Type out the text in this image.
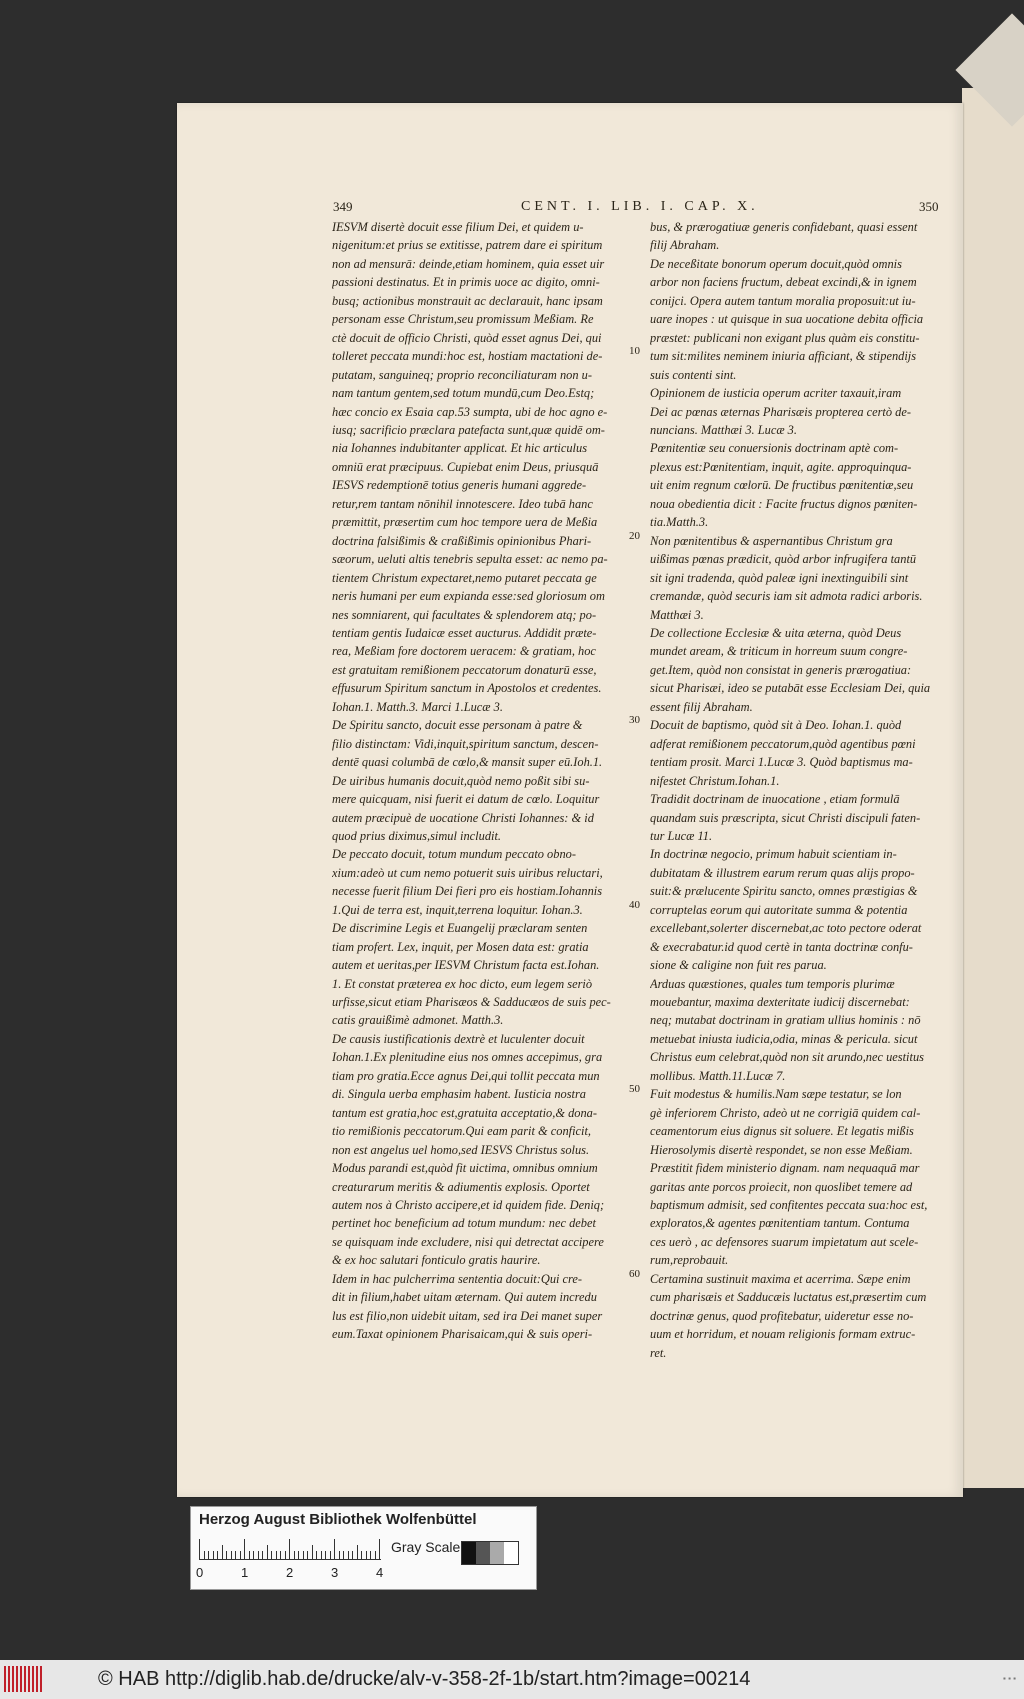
349	CENT. I. LIB. I. CAP. X.	350
IESVM disertè docuit esse filium Dei, et quidem u-
nigenitum:et prius se extitisse, patrem dare ei spiritum
non ad mensurā: deinde,etiam hominem, quia esset uir
passioni destinatus. Et in primis uoce ac digito, omni-
busq; actionibus monstrauit ac declarauit, hanc ipsam
personam esse Christum,seu promissum Meßiam. Re
ctè docuit de officio Christi, quòd esset agnus Dei, qui
tolleret peccata mundi:hoc est, hostiam mactationi de-
putatam, sanguineq; proprio reconciliaturam non u-
nam tantum gentem,sed totum mundū,cum Deo.Estq;
hæc concio ex Esaia cap.53 sumpta, ubi de hoc agno e-
iusq; sacrificio præclara patefacta sunt,quæ quidē om-
nia Iohannes indubitanter applicat. Et hic articulus
omniū erat præcipuus. Cupiebat enim Deus, priusquā
IESVS redemptionē totius generis humani aggrede-
retur,rem tantam nōnihil innotescere. Ideo tubā hanc
præmittit, præsertim cum hoc tempore uera de Meßia
doctrina falsißimis & craßißimis opinionibus Phari-
sæorum, ueluti altis tenebris sepulta esset: ac nemo pa-
tientem Christum expectaret,nemo putaret peccata ge
neris humani per eum expianda esse:sed gloriosum om
nes somniarent, qui facultates & splendorem atq; po-
tentiam gentis Iudaicæ esset aucturus. Addidit præte-
rea, Meßiam fore doctorem ueracem: & gratiam, hoc
est gratuitam remißionem peccatorum donaturū esse,
effusurum Spiritum sanctum in Apostolos et credentes.
Iohan.1. Matth.3. Marci 1.Lucæ 3.
De Spiritu sancto, docuit esse personam à patre &
filio distinctam: Vidi,inquit,spiritum sanctum, descen-
dentē quasi columbā de cœlo,& mansit super eū.Ioh.1.
De uiribus humanis docuit,quòd nemo poßit sibi su-
mere quicquam, nisi fuerit ei datum de cœlo. Loquitur
autem præcipuè de uocatione Christi Iohannes: & id
quod prius diximus,simul includit.
De peccato docuit, totum mundum peccato obno-
xium:adeò ut cum nemo potuerit suis uiribus reluctari,
necesse fuerit filium Dei fieri pro eis hostiam.Iohannis
1.Qui de terra est, inquit,terrena loquitur. Iohan.3.
De discrimine Legis et Euangelij præclaram senten
tiam profert. Lex, inquit, per Mosen data est: gratia
autem et ueritas,per IESVM Christum facta est.Iohan.
1. Et constat præterea ex hoc dicto, eum legem seriò
urfisse,sicut etiam Pharisæos & Sadducæos de suis pec-
catis grauißimè admonet. Matth.3.
De causis iustificationis dextrè et luculenter docuit
Iohan.1.Ex plenitudine eius nos omnes accepimus, gra
tiam pro gratia.Ecce agnus Dei,qui tollit peccata mun
di. Singula uerba emphasim habent. Iusticia nostra
tantum est gratia,hoc est,gratuita acceptatio,& dona-
tio remißionis peccatorum.Qui eam parit & conficit,
non est angelus uel homo,sed IESVS Christus solus.
Modus parandi est,quòd fit uictima, omnibus omnium
creaturarum meritis & adiumentis explosis. Oportet
autem nos à Christo accipere,et id quidem fide. Deniq;
pertinet hoc beneficium ad totum mundum: nec debet
se quisquam inde excludere, nisi qui detrectat accipere
& ex hoc salutari fonticulo gratis haurire.
Idem in hac pulcherrima sententia docuit:Qui cre-
dit in filium,habet uitam æternam. Qui autem incredu
lus est filio,non uidebit uitam, sed ira Dei manet super
eum.Taxat opinionem Pharisaicam,qui & suis operi-
10
20
30
40
50
60
bus, & prærogatiuæ generis confidebant, quasi essent
filij Abraham.
De neceßitate bonorum operum docuit,quòd omnis
arbor non faciens fructum, debeat excindi,& in ignem
conijci. Opera autem tantum moralia proposuit:ut iu-
uare inopes : ut quisque in sua uocatione debita officia
præstet: publicani non exigant plus quàm eis constitu-
tum sit:milites neminem iniuria afficiant, & stipendijs
suis contenti sint.
Opinionem de iusticia operum acriter taxauit,iram
Dei ac pœnas æternas Pharisæis propterea certò de-
nuncians. Matthæi 3. Lucæ 3.
Pœnitentiæ seu conuersionis doctrinam aptè com-
plexus est:Pœnitentiam, inquit, agite. approquinqua-
uit enim regnum cœlorū. De fructibus pœnitentiæ,seu
noua obedientia dicit : Facite fructus dignos pœniten-
tia.Matth.3.
Non pœnitentibus & aspernantibus Christum gra
uißimas pœnas prædicit, quòd arbor infrugifera tantū
sit igni tradenda, quòd paleæ igni inextinguibili sint
cremandæ, quòd securis iam sit admota radici arboris.
Matthæi 3.
De collectione Ecclesiæ & uita æterna, quòd Deus
mundet aream, & triticum in horreum suum congre-
get.Item, quòd non consistat in generis prærogatiua:
sicut Pharisæi, ideo se putabāt esse Ecclesiam Dei, quia
essent filij Abraham.
Docuit de baptismo, quòd sit à Deo. Iohan.1. quòd
adferat remißionem peccatorum,quòd agentibus pœni
tentiam prosit. Marci 1.Lucæ 3. Quòd baptismus ma-
nifestet Christum.Iohan.1.
Tradidit doctrinam de inuocatione , etiam formulā
quandam suis præscripta, sicut Christi discipuli faten-
tur Lucæ 11.
In doctrinæ negocio, primum habuit scientiam in-
dubitatam & illustrem earum rerum quas alijs propo-
suit:& prælucente Spiritu sancto, omnes præstigias &
corruptelas eorum qui autoritate summa & potentia
excellebant,solerter discernebat,ac toto pectore oderat
& execrabatur.id quod certè in tanta doctrinæ confu-
sione & caligine non fuit res parua.
Arduas quæstiones, quales tum temporis plurimæ
mouebantur, maxima dexteritate iudicij discernebat:
neq; mutabat doctrinam in gratiam ullius hominis : nō
metuebat iniusta iudicia,odia, minas & pericula. sicut
Christus eum celebrat,quòd non sit arundo,nec uestitus
mollibus. Matth.11.Lucæ 7.
Fuit modestus & humilis.Nam sæpe testatur, se lon
gè inferiorem Christo, adeò ut ne corrigiā quidem cal-
ceamentorum eius dignus sit soluere. Et legatis mißis
Hierosolymis disertè respondet, se non esse Meßiam.
Præstitit fidem ministerio dignam. nam nequaquā mar
garitas ante porcos proiecit, non quoslibet temere ad
baptismum admisit, sed confitentes peccata sua:hoc est,
exploratos,& agentes pœnitentiam tantum. Contuma
ces uerò , ac defensores suarum impietatum aut scele-
rum,reprobauit.
Certamina sustinuit maxima et acerrima. Sæpe enim
cum pharisæis et Sadducæis luctatus est,præsertim cum
doctrinæ genus, quod profitebatur, uideretur esse no-
uum et horridum, et nouam religionis formam extruc-
ret.
Herzog August Bibliothek Wolfenbüttel
0	1	2	3	4
Gray Scale
© HAB http://diglib.hab.de/drucke/alv-v-358-2f-1b/start.htm?image=00214	▪ ▪ ▪
